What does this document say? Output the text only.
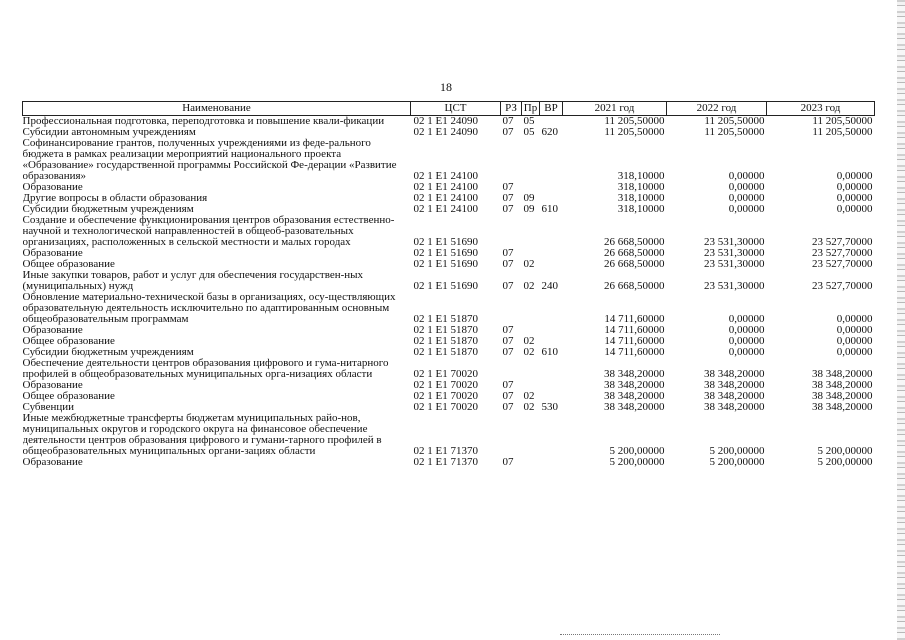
18
Наименование	ЦСТ	РЗ	Пр	ВР	2021 год	2022 год	2023 год
Профессиональная подготовка, переподготовка и повышение квали-фикации	02 1 E1 24090	07	05		11 205,50000	11 205,50000	11 205,50000
Субсидии автономным учреждениям	02 1 E1 24090	07	05	620	11 205,50000	11 205,50000	11 205,50000
Софинансирование грантов, полученных учреждениями из феде-рального бюджета в рамках реализации мероприятий национального проекта «Образование» государственной программы Российской Фе-дерации «Развитие образования»	02 1 E1 24100				318,10000	0,00000	0,00000
Образование	02 1 E1 24100	07			318,10000	0,00000	0,00000
Другие вопросы в области образования	02 1 E1 24100	07	09		318,10000	0,00000	0,00000
Субсидии бюджетным учреждениям	02 1 E1 24100	07	09	610	318,10000	0,00000	0,00000
Создание и обеспечение функционирования центров образования естественно-научной и технологической направленностей в общеоб-разовательных организациях, расположенных в сельской местности и малых городах	02 1 E1 51690				26 668,50000	23 531,30000	23 527,70000
Образование	02 1 E1 51690	07			26 668,50000	23 531,30000	23 527,70000
Общее образование	02 1 E1 51690	07	02		26 668,50000	23 531,30000	23 527,70000
Иные закупки товаров, работ и услуг для обеспечения государствен-ных (муниципальных) нужд	02 1 E1 51690	07	02	240	26 668,50000	23 531,30000	23 527,70000
Обновление материально-технической базы в организациях, осу-ществляющих образовательную деятельность исключительно по адаптированным основным общеобразовательным программам	02 1 E1 51870				14 711,60000	0,00000	0,00000
Образование	02 1 E1 51870	07			14 711,60000	0,00000	0,00000
Общее образование	02 1 E1 51870	07	02		14 711,60000	0,00000	0,00000
Субсидии бюджетным учреждениям	02 1 E1 51870	07	02	610	14 711,60000	0,00000	0,00000
Обеспечение деятельности центров образования цифрового и гума-нитарного профилей в общеобразовательных муниципальных орга-низациях области	02 1 E1 70020				38 348,20000	38 348,20000	38 348,20000
Образование	02 1 E1 70020	07			38 348,20000	38 348,20000	38 348,20000
Общее образование	02 1 E1 70020	07	02		38 348,20000	38 348,20000	38 348,20000
Субвенции	02 1 E1 70020	07	02	530	38 348,20000	38 348,20000	38 348,20000
Иные межбюджетные трансферты бюджетам муниципальных райо-нов, муниципальных округов и городского округа на финансовое обеспечение деятельности центров образования цифрового и гумани-тарного профилей в общеобразовательных муниципальных органи-зациях области	02 1 E1 71370				5 200,00000	5 200,00000	5 200,00000
Образование	02 1 E1 71370	07			5 200,00000	5 200,00000	5 200,00000
